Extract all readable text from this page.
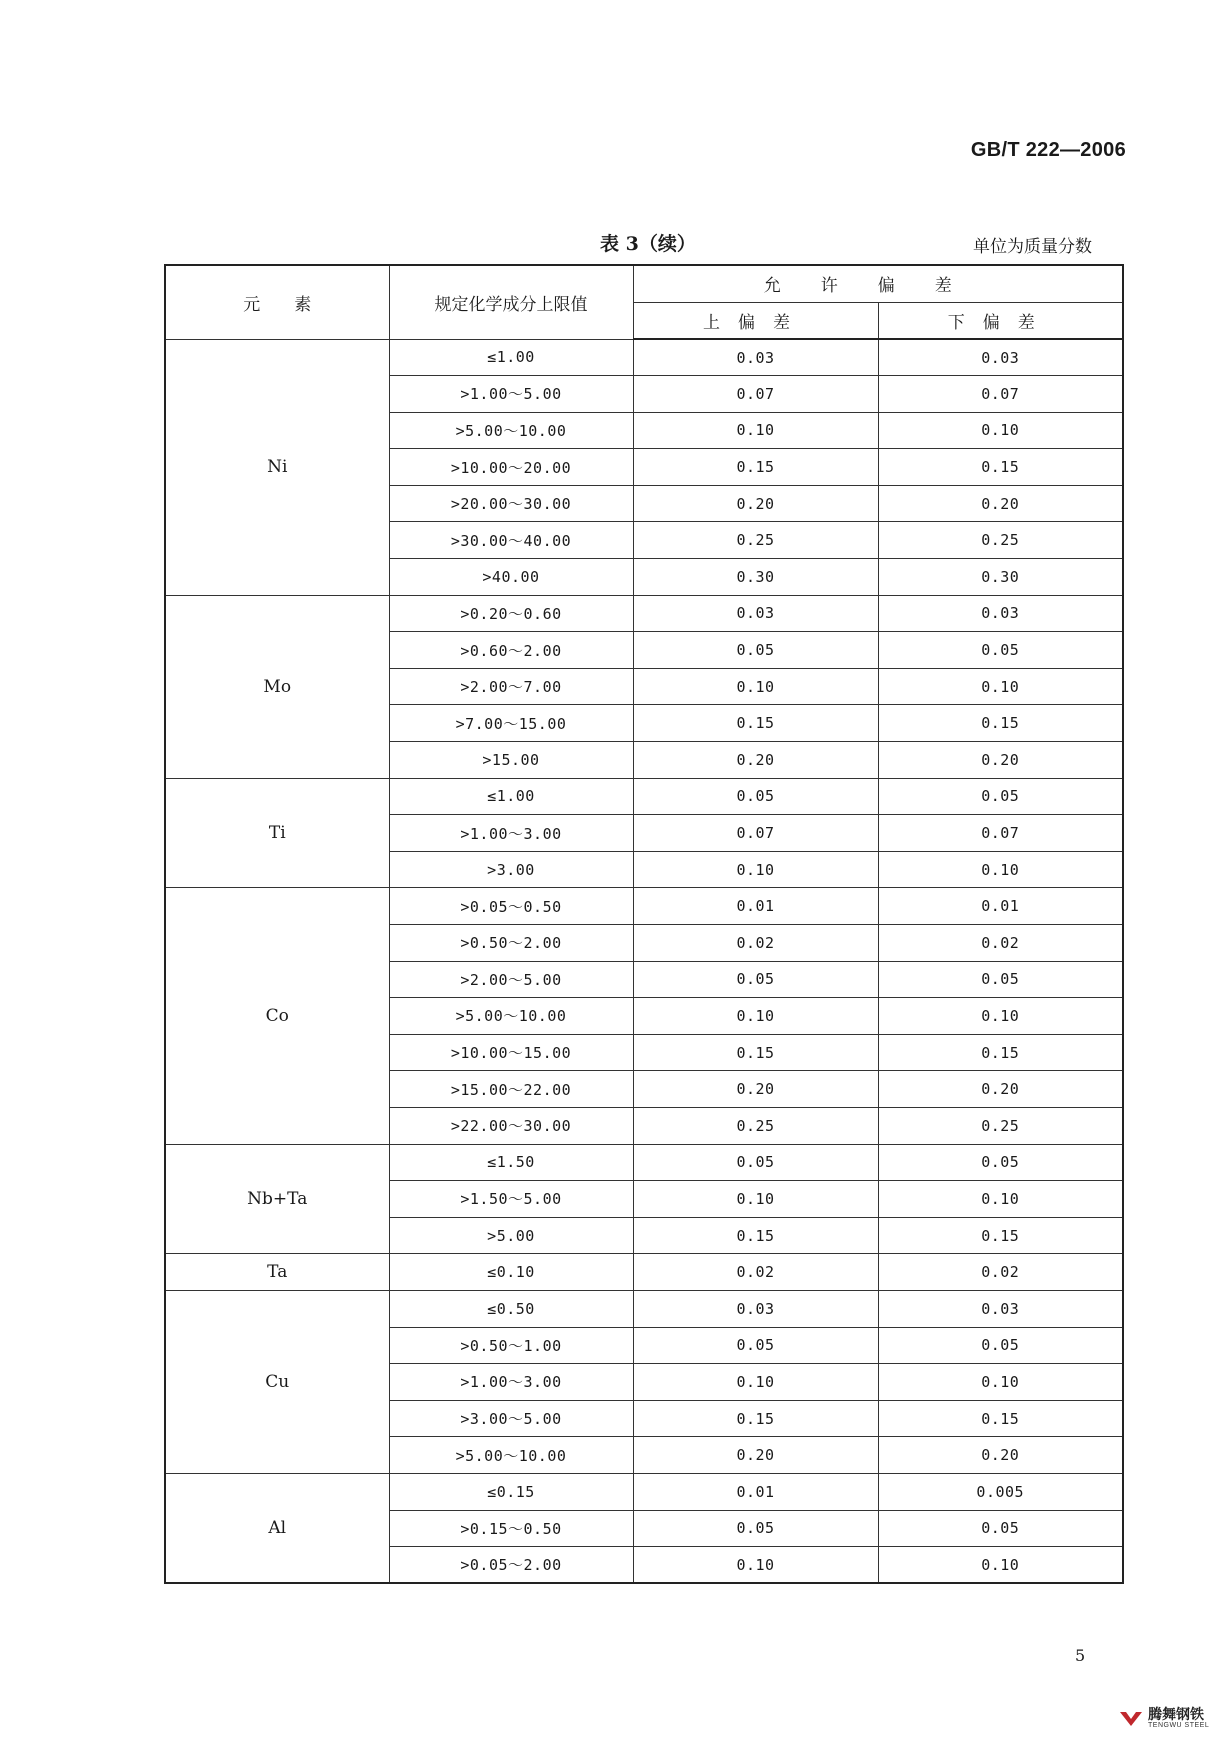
GB/T 222—2006
表 3（续）	单位为质量分数
元　　素	规定化学成分上限值	允许偏差	
		上偏差	下偏差
Ni	≤1.00	0.03	0.03
	>1.00～5.00	0.07	0.07
	>5.00～10.00	0.10	0.10
	>10.00～20.00	0.15	0.15
	>20.00～30.00	0.20	0.20
	>30.00～40.00	0.25	0.25
	>40.00	0.30	0.30
Mo	>0.20～0.60	0.03	0.03
	>0.60～2.00	0.05	0.05
	>2.00～7.00	0.10	0.10
	>7.00～15.00	0.15	0.15
	>15.00	0.20	0.20
Ti	≤1.00	0.05	0.05
	>1.00～3.00	0.07	0.07
	>3.00	0.10	0.10
Co	>0.05～0.50	0.01	0.01
	>0.50～2.00	0.02	0.02
	>2.00～5.00	0.05	0.05
	>5.00～10.00	0.10	0.10
	>10.00～15.00	0.15	0.15
	>15.00～22.00	0.20	0.20
	>22.00～30.00	0.25	0.25
Nb+Ta	≤1.50	0.05	0.05
	>1.50～5.00	0.10	0.10
	>5.00	0.15	0.15
Ta	≤0.10	0.02	0.02
Cu	≤0.50	0.03	0.03
	>0.50～1.00	0.05	0.05
	>1.00～3.00	0.10	0.10
	>3.00～5.00	0.15	0.15
	>5.00～10.00	0.20	0.20
Al	≤0.15	0.01	0.005
	>0.15～0.50	0.05	0.05
	>0.05～2.00	0.10	0.10
5
腾舞钢铁
TENGWU STEEL
